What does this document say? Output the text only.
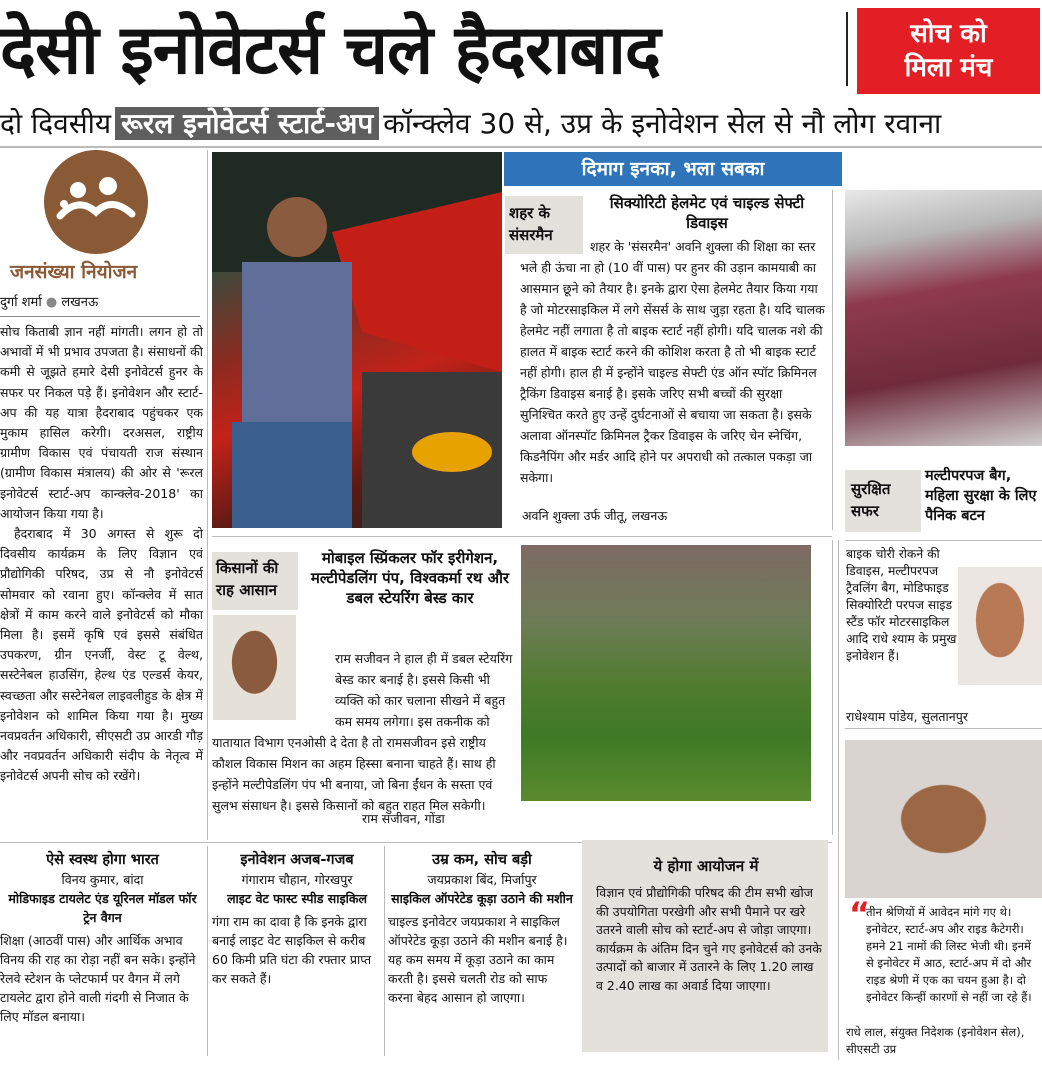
देसी इनोवेटर्स चले हैदराबाद	सोच को
मिला मंच
दो दिवसीय रूरल इनोवेटर्स स्टार्ट-अप कॉन्क्लेव 30 से, उप्र के इनोवेशन सेल से नौ लोग रवाना
जनसंख्या नियोजन
दुर्गा शर्मा ● लखनऊ

सोच किताबी ज्ञान नहीं मांगती। लगन हो तो अभावों में भी प्रभाव उपजता है। संसाधनों की कमी से जूझते हमारे देसी इनोवेटर्स हुनर के सफर पर निकल पड़े हैं। इनोवेशन और स्टार्ट-अप की यह यात्रा हैदराबाद पहुंचकर एक मुकाम हासिल करेगी। दरअसल, राष्ट्रीय ग्रामीण विकास एवं पंचायती राज संस्थान (ग्रामीण विकास मंत्रालय) की ओर से 'रूरल इनोवेटर्स स्टार्ट-अप कान्क्लेव-2018' का आयोजन किया गया है।

हैदराबाद में 30 अगस्त से शुरू दो दिवसीय कार्यक्रम के लिए विज्ञान एवं प्रौद्योगिकी परिषद, उप्र से नौ इनोवेटर्स सोमवार को रवाना हुए। कॉन्क्लेव में सात क्षेत्रों में काम करने वाले इनोवेटर्स को मौका मिला है। इसमें कृषि एवं इससे संबंधित उपकरण, ग्रीन एनर्जी, वेस्ट टू वेल्थ, सस्टेनेबल हाउसिंग, हेल्थ एंड एल्डर्स केयर, स्वच्छता और सस्टेनेबल लाइवलीहुड के क्षेत्र में इनोवेशन को शामिल किया गया है। मुख्य नवप्रवर्तन अधिकारी, सीएसटी उप्र आरडी गौड़ और नवप्रवर्तन अधिकारी संदीप के नेतृत्व में इनोवेटर्स अपनी सोच को रखेंगे।

दिमाग इनका, भला सबका
शहर के संसरमैन
सिक्योरिटी हेलमेट एवं चाइल्ड सेफ्टी डिवाइस
शहर के 'संसरमैन' अवनि शुक्ला की शिक्षा का स्तर भले ही ऊंचा ना हो (10 वीं पास) पर हुनर की उड़ान कामयाबी का आसमान छूने को तैयार है। इनके द्वारा ऐसा हेलमेट तैयार किया गया है जो मोटरसाइकिल में लगे सेंसर्स के साथ जुड़ा रहता है। यदि चालक हेलमेट नहीं लगाता है तो बाइक स्टार्ट नहीं होगी। यदि चालक नशे की हालत में बाइक स्टार्ट करने की कोशिश करता है तो भी बाइक स्टार्ट नहीं होगी। हाल ही में इन्होंने चाइल्ड सेफ्टी एंड ऑन स्पॉट क्रिमिनल ट्रैकिंग डिवाइस बनाई है। इसके जरिए सभी बच्चों की सुरक्षा सुनिश्चित करते हुए उन्हें दुर्घटनाओं से बचाया जा सकता है। इसके अलावा ऑनस्पॉट क्रिमिनल ट्रैकर डिवाइस के जरिए चेन स्नेचिंग, किडनैपिंग और मर्डर आदि होने पर अपराधी को तत्काल पकड़ा जा सकेगा।
अवनि शुक्ला उर्फ जीतू, लखनऊ
किसानों की राह आसान
मोबाइल स्प्रिंकलर फॉर इरीगेशन, मल्टीपेडलिंग पंप, विश्वकर्मा रथ और डबल स्टेयरिंग बेस्ड कार
राम सजीवन ने हाल ही में डबल स्टेयरिंग बेस्ड कार बनाई है। इससे किसी भी व्यक्ति को कार चलाना सीखने में बहुत कम समय लगेगा। इस तकनीक को
यातायात विभाग एनओसी दे देता है तो रामसजीवन इसे राष्ट्रीय कौशल विकास मिशन का अहम हिस्सा बनाना चाहते हैं। साथ ही इन्होंने मल्टीपेडलिंग पंप भी बनाया, जो बिना ईंधन के सस्ता एवं सुलभ संसाधन है। इससे किसानों को बहुत राहत मिल सकेगी।
राम सजीवन, गोंडा
सुरक्षित सफर
मल्टीपरपज बैग, महिला सुरक्षा के लिए पैनिक बटन
बाइक चोरी रोकने की डिवाइस, मल्टीपरपज ट्रैवलिंग बैग, मोडिफाइड सिक्योरिटी परपज साइड स्टैंड फॉर मोटरसाइकिल आदि राधे श्याम के प्रमुख इनोवेशन हैं।
राधेश्याम पांडेय, सुलतानपुर
“
तीन श्रेणियों में आवेदन मांगे गए थे। इनोवेटर, स्टार्ट-अप और राइड कैटेगरी। हमने 21 नामों की लिस्ट भेजी थी। इनमें से इनोवेटर में आठ, स्टार्ट-अप में दो और राइड श्रेणी में एक का चयन हुआ है। दो इनोवेटर किन्हीं कारणों से नहीं जा रहे हैं।
राधे लाल, संयुक्त निदेशक (इनोवेशन सेल), सीएसटी उप्र
ऐसे स्वस्थ होगा भारत
विनय कुमार, बांदा
मोडिफाइड टायलेट एंड यूरिनल मॉडल फॉर ट्रेन वैगन
शिक्षा (आठवीं पास) और आर्थिक अभाव विनय की राह का रोड़ा नहीं बन सके। इन्होंने रेलवे स्टेशन के प्लेटफार्म पर वैगन में लगे टायलेट द्वारा होने वाली गंदगी से निजात के लिए मॉडल बनाया।
इनोवेशन अजब-गजब
गंगाराम चौहान, गोरखपुर
लाइट वेट फास्ट स्पीड साइकिल
गंगा राम का दावा है कि इनके द्वारा बनाई लाइट वेट साइकिल से करीब 60 किमी प्रति घंटा की रफ्तार प्राप्त कर सकते हैं।
उम्र कम, सोच बड़ी
जयप्रकाश बिंद, मिर्जापुर
साइकिल ऑपरेटेड कूड़ा उठाने की मशीन
चाइल्ड इनोवेटर जयप्रकाश ने साइकिल ऑपरेटेड कूड़ा उठाने की मशीन बनाई है। यह कम समय में कूड़ा उठाने का काम करती है। इससे चलती रोड को साफ करना बेहद आसान हो जाएगा।
ये होगा आयोजन में
विज्ञान एवं प्रौद्योगिकी परिषद की टीम सभी खोज की उपयोगिता परखेगी और सभी पैमाने पर खरे उतरने वाली सोच को स्टार्ट-अप से जोड़ा जाएगा। कार्यक्रम के अंतिम दिन चुने गए इनोवेटर्स को उनके उत्पादों को बाजार में उतारने के लिए 1.20 लाख व 2.40 लाख का अवार्ड दिया जाएगा।
